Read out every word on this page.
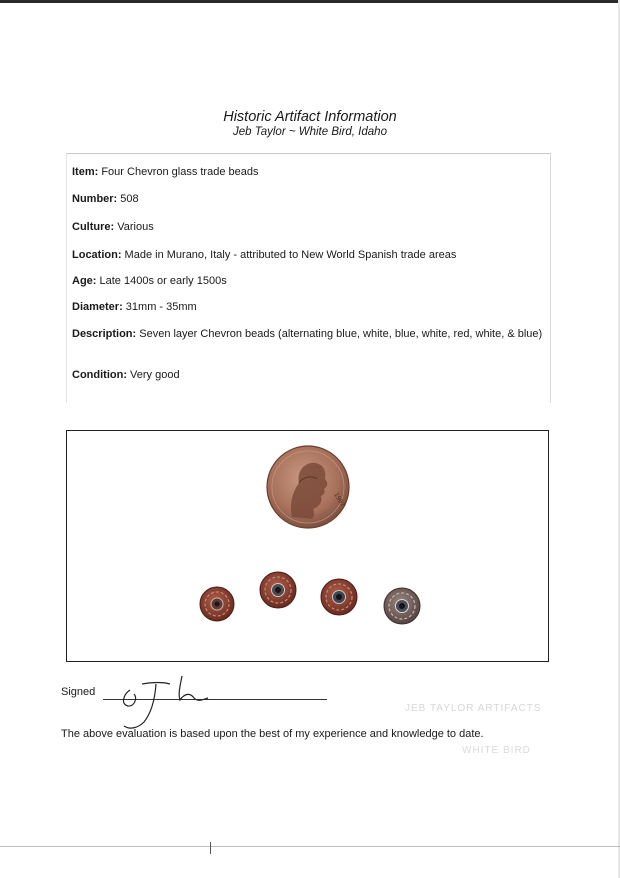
Historic Artifact Information
Jeb Taylor ~ White Bird, Idaho
Item: Four Chevron glass trade beads
Number: 508
Culture: Various
Location: Made in Murano, Italy - attributed to New World Spanish trade areas
Age: Late 1400s or early 1500s
Diameter: 31mm - 35mm
Description: Seven layer Chevron beads (alternating blue, white, blue, white, red, white, & blue)
Condition: Very good
1967
Signed
JEB TAYLOR ARTIFACTS
WHITE BIRD
The above evaluation is based upon the best of my experience and knowledge to date.
